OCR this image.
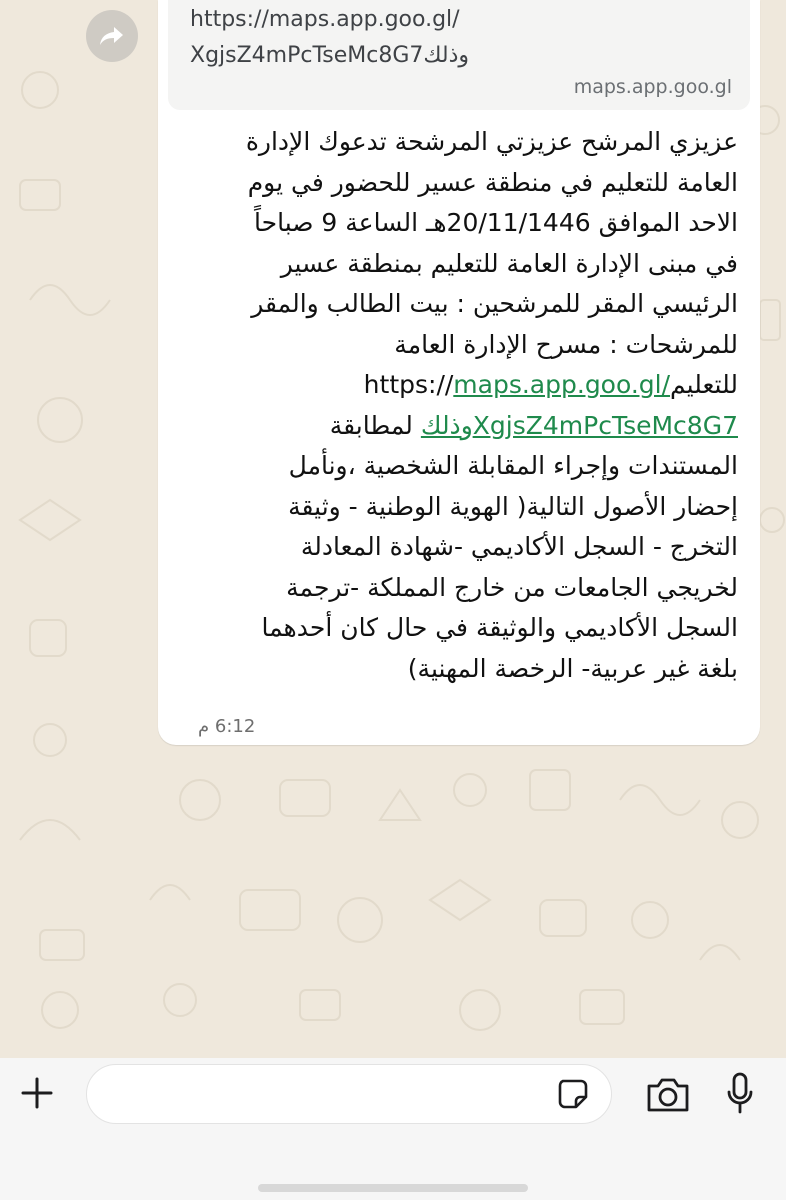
https://maps.app.goo.gl/
XgjsZ4mPcTseMc8G7وذلك
maps.app.goo.gl

عزيزي المرشح عزيزتي المرشحة تدعوك الإدارة

العامة للتعليم في منطقة عسير للحضور في يوم

الاحد الموافق 20/11/1446هـ الساعة 9 صباحاً

في مبنى الإدارة العامة للتعليم بمنطقة عسير

الرئيسي المقر للمرشحين : بيت الطالب والمقر

للمرشحات : مسرح الإدارة العامة

للتعليمhttps://maps.app.goo.gl/

XgjsZ4mPcTseMc8G7وذلك لمطابقة

المستندات وإجراء المقابلة الشخصية ،ونأمل

إحضار الأصول التالية( الهوية الوطنية - وثيقة

التخرج - السجل الأكاديمي -شهادة المعادلة

لخريجي الجامعات من خارج المملكة -ترجمة

السجل الأكاديمي والوثيقة في حال كان أحدهما

بلغة غير عربية- الرخصة المهنية)

6:12 م
